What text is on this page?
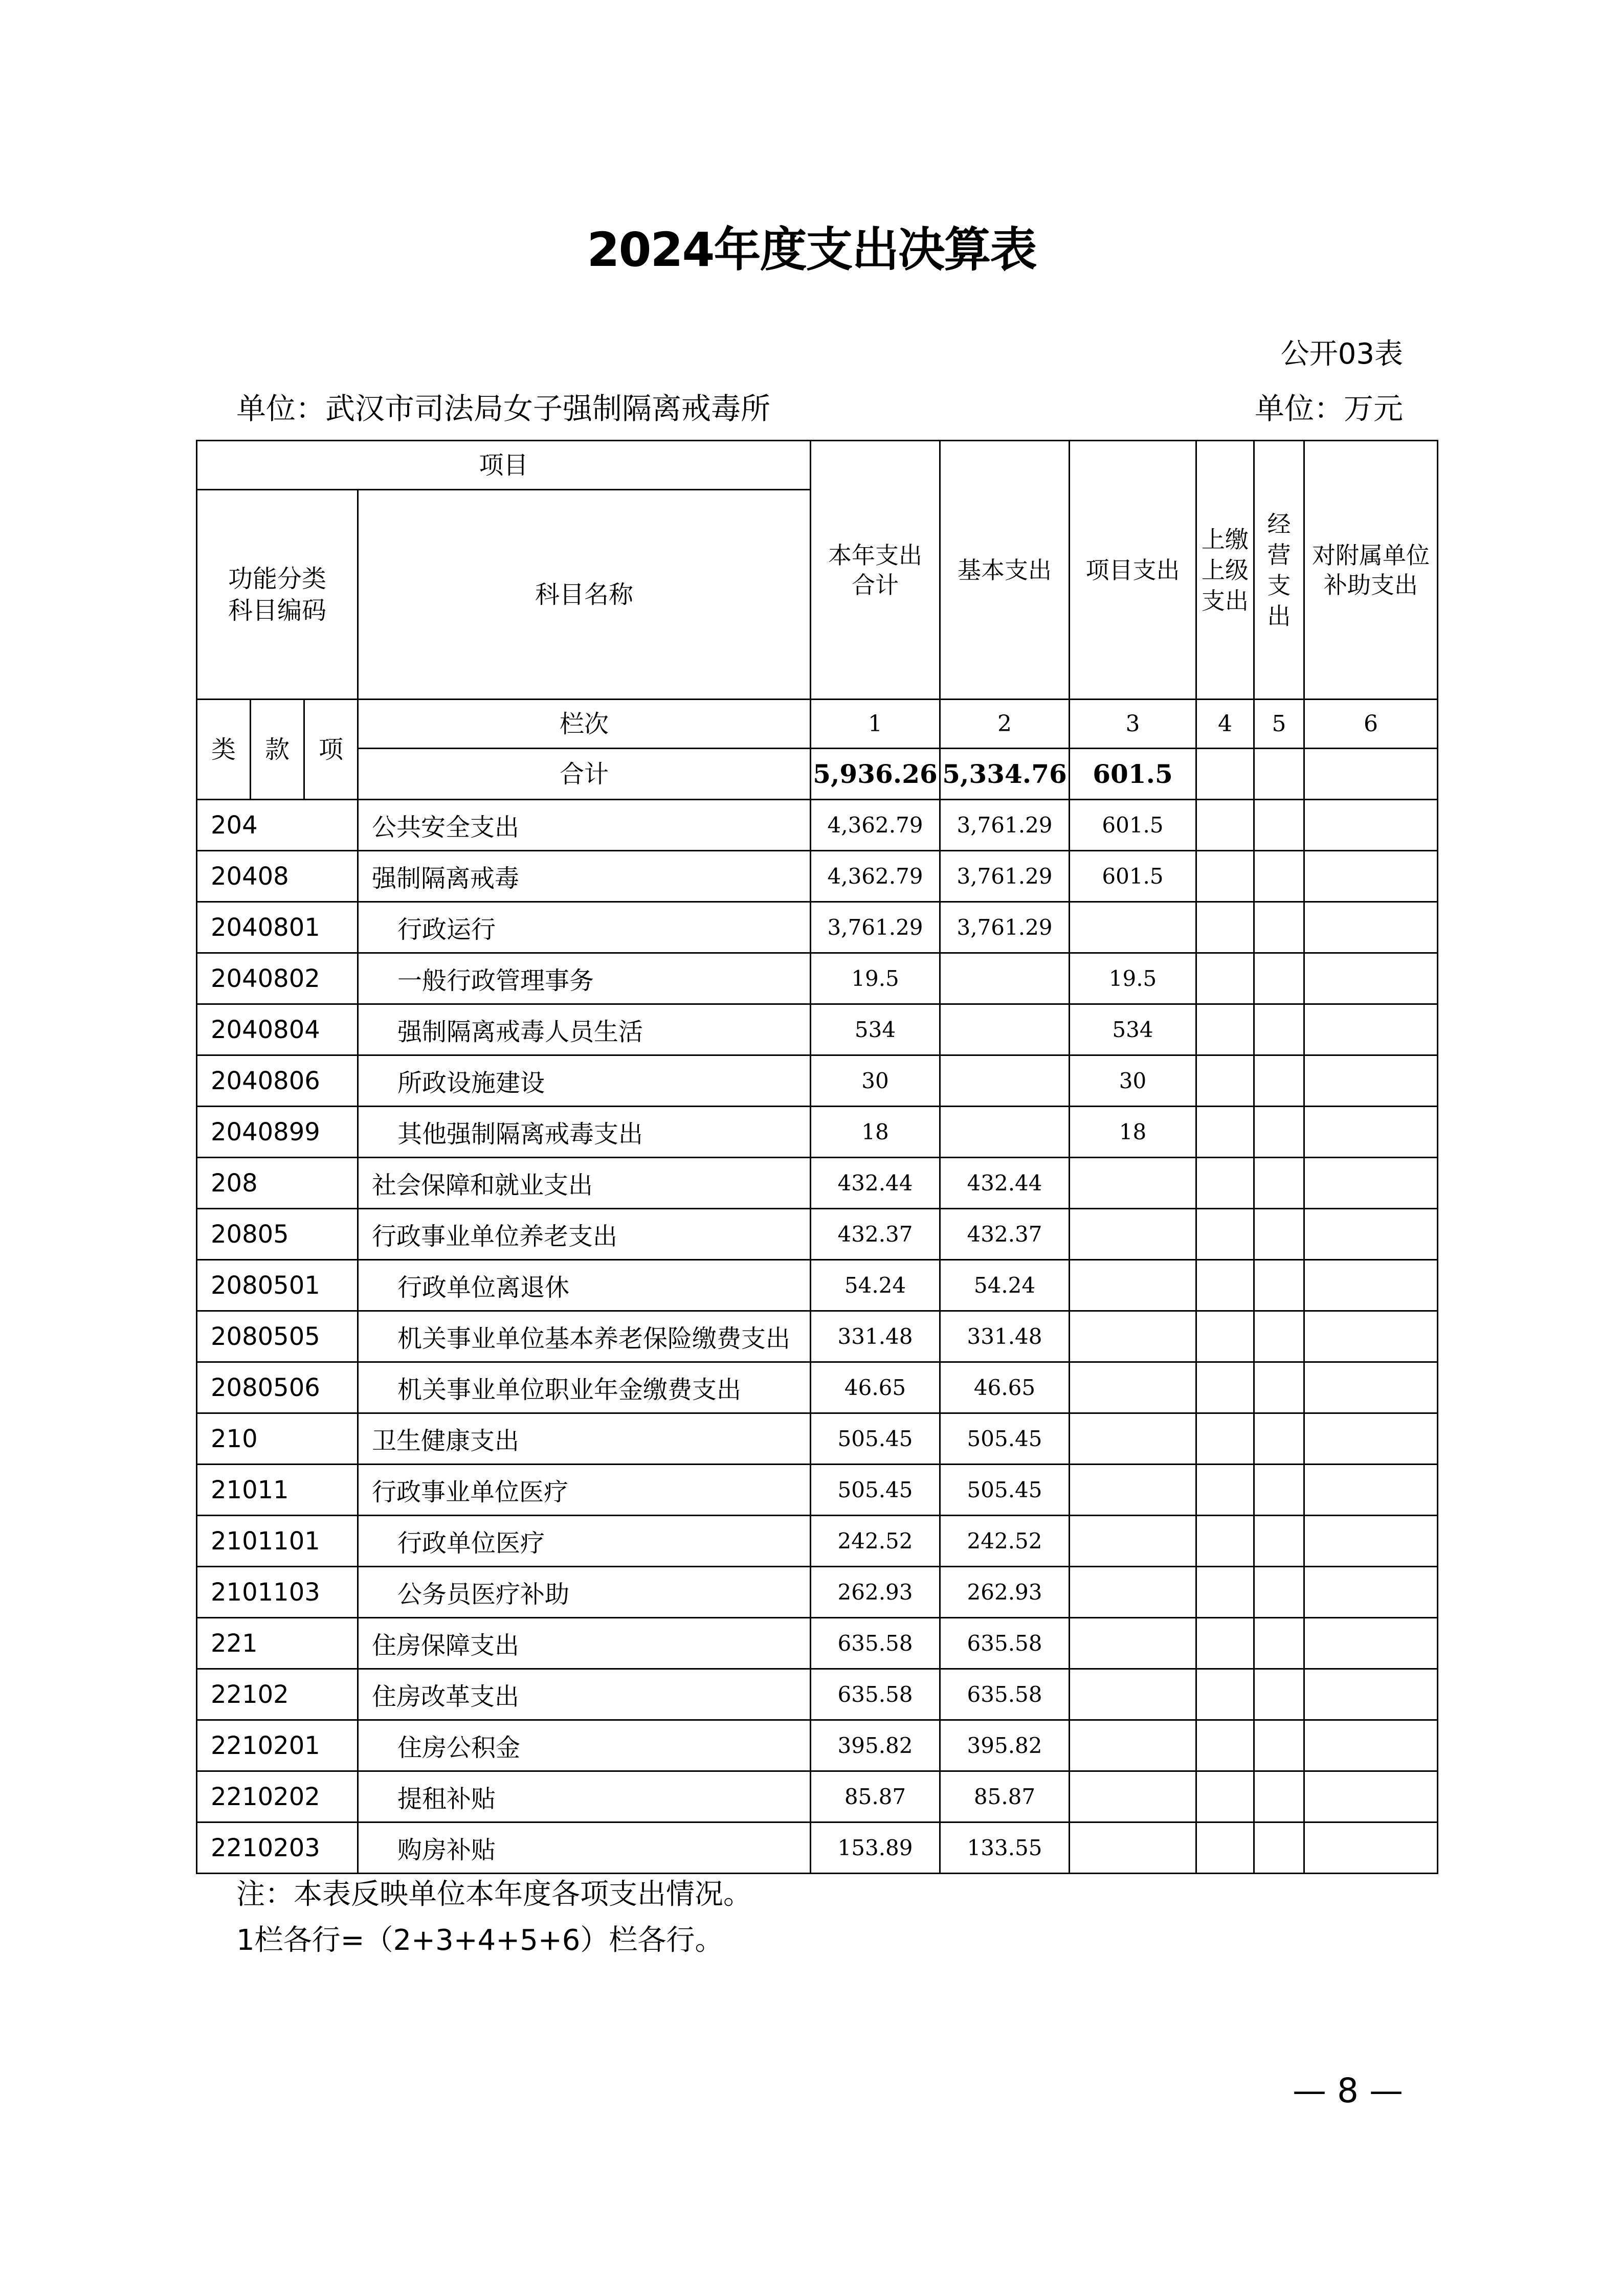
2024年度支出决算表
公开03表
单位：武汉市司法局女子强制隔离戒毒所	单位：万元
项目				本年支出合计	基本支出	项目支出	上缴上级支出	经营支出	对附属单位补助支出
功能分类科目编码			科目名称						
类	款	项	栏次	1	2	3	4	5	6
			合计	5,936.26	5,334.76	601.5			
204			公共安全支出	4,362.79	3,761.29	601.5			
20408			强制隔离戒毒	4,362.79	3,761.29	601.5			
2040801			行政运行	3,761.29	3,761.29				
2040802			一般行政管理事务	19.5		19.5			
2040804			强制隔离戒毒人员生活	534		534			
2040806			所政设施建设	30		30			
2040899			其他强制隔离戒毒支出	18		18			
208			社会保障和就业支出	432.44	432.44				
20805			行政事业单位养老支出	432.37	432.37				
2080501			行政单位离退休	54.24	54.24				
2080505			机关事业单位基本养老保险缴费支出	331.48	331.48				
2080506			机关事业单位职业年金缴费支出	46.65	46.65				
210			卫生健康支出	505.45	505.45				
21011			行政事业单位医疗	505.45	505.45				
2101101			行政单位医疗	242.52	242.52				
2101103			公务员医疗补助	262.93	262.93				
221			住房保障支出	635.58	635.58				
22102			住房改革支出	635.58	635.58				
2210201			住房公积金	395.82	395.82				
2210202			提租补贴	85.87	85.87				
2210203			购房补贴	153.89	133.55				
注：本表反映单位本年度各项支出情况。
1栏各行=（2+3+4+5+6）栏各行。
— 8 —
